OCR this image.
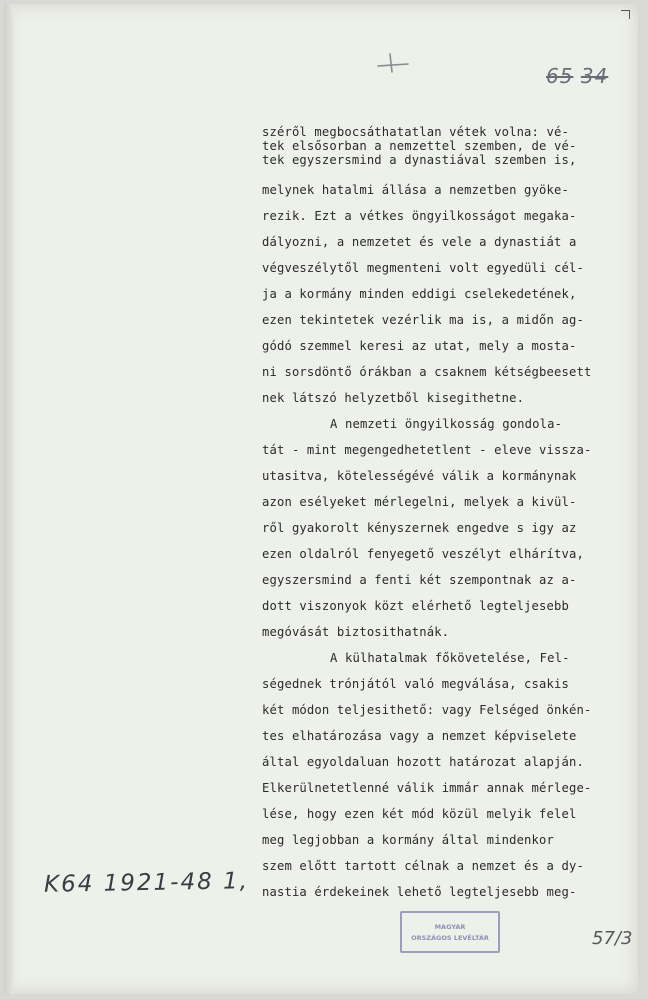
65 34
széről megbocsáthatatlan vétek volna: vé-
tek elsősorban a nemzettel szemben, de vé-
tek egyszersmind a dynastiával szemben is,
melynek hatalmi állása a nemzetben gyöke-
rezik. Ezt a vétkes öngyilkosságot megaka-
dályozni, a nemzetet és vele a dynastiát a
végveszélytől megmenteni volt egyedüli cél-
ja a kormány minden eddigi cselekedetének,
ezen tekintetek vezérlik ma is, a midőn ag-
gódó szemmel keresi az utat, mely a mosta-
ni sorsdöntő órákban a csaknem kétségbeesett
nek látszó helyzetből kisegithetne.
A nemzeti öngyilkosság gondola-
tát - mint megengedhetetlent - eleve vissza-
utasitva, kötelességévé válik a kormánynak
azon esélyeket mérlegelni, melyek a kivül-
ről gyakorolt kényszernek engedve s igy az
ezen oldalról fenyegető veszélyt elhárítva,
egyszersmind a fenti két szempontnak az a-
dott viszonyok közt elérhető legteljesebb
megóvását biztosithatnák.
A külhatalmak főkövetelése, Fel-
ségednek trónjától való megválása, csakis
két módon teljesithető: vagy Felséged önkén-
tes elhatározása vagy a nemzet képviselete
által egyoldaluan hozott határozat alapján.
Elkerülnetetlenné válik immár annak mérlege-
lése, hogy ezen két mód közül melyik felel
meg legjobban a kormány által mindenkor
szem előtt tartott célnak a nemzet és a dy-
nastia érdekeinek lehető legteljesebb meg-
K64 1921-48 1,
MAGYAR
ORSZÁGOS LEVÉLTÁR	57/3
